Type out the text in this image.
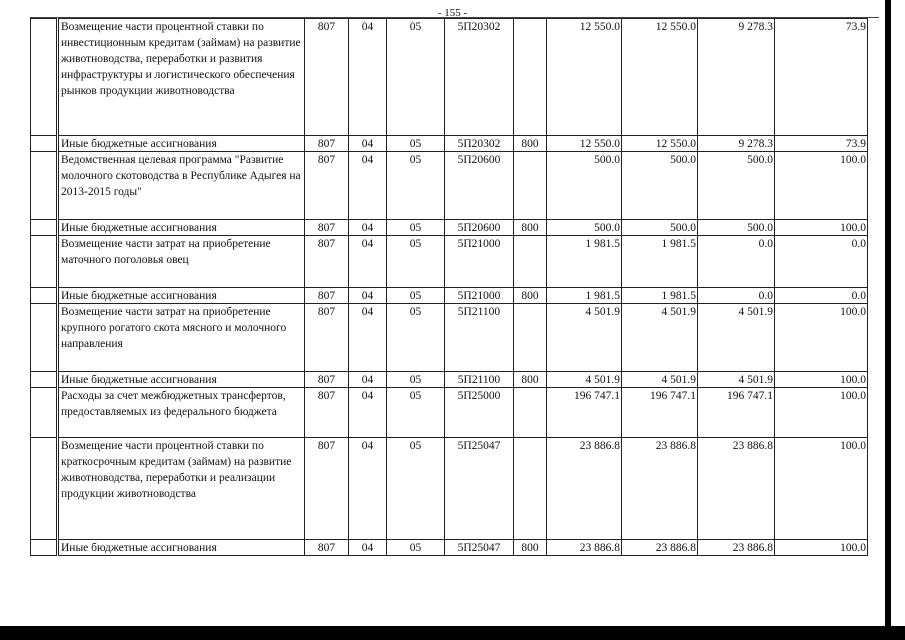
- 155 -
	Возмещение части процентной ставки по инвестиционным кредитам (займам) на развитие животноводства, переработки и развития инфраструктуры и логистического обеспечения рынков продукции животноводства	807	04	05	5П20302		12 550.0	12 550.0	9 278.3	73.9
	Иные бюджетные ассигнования	807	04	05	5П20302	800	12 550.0	12 550.0	9 278.3	73.9
	Ведомственная целевая программа "Развитие молочного скотоводства в Республике Адыгея на 2013-2015 годы"	807	04	05	5П20600		500.0	500.0	500.0	100.0
	Иные бюджетные ассигнования	807	04	05	5П20600	800	500.0	500.0	500.0	100.0
	Возмещение части затрат на приобретение маточного поголовья овец	807	04	05	5П21000		1 981.5	1 981.5	0.0	0.0
	Иные бюджетные ассигнования	807	04	05	5П21000	800	1 981.5	1 981.5	0.0	0.0
	Возмещение части затрат на приобретение крупного рогатого скота мясного и молочного направления	807	04	05	5П21100		4 501.9	4 501.9	4 501.9	100.0
	Иные бюджетные ассигнования	807	04	05	5П21100	800	4 501.9	4 501.9	4 501.9	100.0
	Расходы за счет межбюджетных трансфертов, предоставляемых из федерального бюджета	807	04	05	5П25000		196 747.1	196 747.1	196 747.1	100.0
	Возмещение части процентной ставки по краткосрочным кредитам (займам) на развитие животноводства, переработки и реализации продукции животноводства	807	04	05	5П25047		23 886.8	23 886.8	23 886.8	100.0
	Иные бюджетные ассигнования	807	04	05	5П25047	800	23 886.8	23 886.8	23 886.8	100.0
